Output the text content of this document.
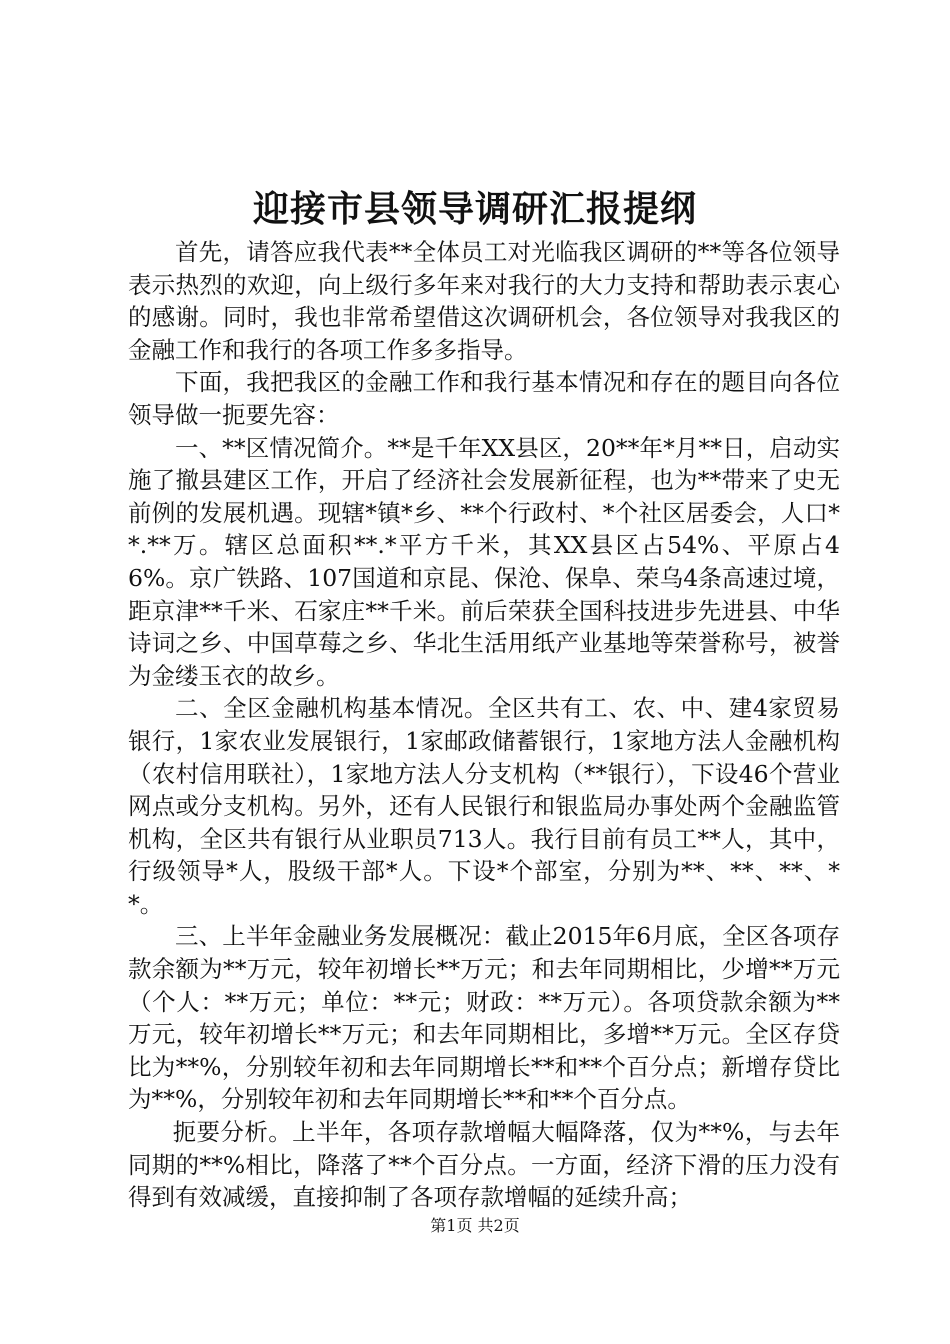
迎接市县领导调研汇报提纲

首先，请答应我代表**全体员工对光临我区调研的**等各位领导表示热烈的欢迎，向上级行多年来对我行的大力支持和帮助表示衷心的感谢。同时，我也非常希望借这次调研机会，各位领导对我我区的金融工作和我行的各项工作多多指导。

下面，我把我区的金融工作和我行基本情况和存在的题目向各位领导做一扼要先容：

一、**区情况简介。**是千年XX县区，20**年*月**日，启动实施了撤县建区工作，开启了经济社会发展新征程，也为**带来了史无前例的发展机遇。现辖*镇*乡、**个行政村、*个社区居委会，人口**.**万。辖区总面积**.*平方千米，其XX县区占54%、平原占46%。京广铁路、107国道和京昆、保沧、保阜、荣乌4条高速过境，距京津**千米、石家庄**千米。前后荣获全国科技进步先进县、中华诗词之乡、中国草莓之乡、华北生活用纸产业基地等荣誉称号，被誉为金缕玉衣的故乡。

二、全区金融机构基本情况。全区共有工、农、中、建4家贸易银行，1家农业发展银行，1家邮政储蓄银行，1家地方法人金融机构（农村信用联社），1家地方法人分支机构（**银行），下设46个营业网点或分支机构。另外，还有人民银行和银监局办事处两个金融监管机构，全区共有银行从业职员713人。我行目前有员工**人，其中，行级领导*人，股级干部*人。下设*个部室，分别为**、**、**、**。

三、上半年金融业务发展概况：截止2015年6月底，全区各项存款余额为**万元，较年初增长**万元；和去年同期相比，少增**万元（个人：**万元；单位：**元；财政：**万元）。各项贷款余额为**万元，较年初增长**万元；和去年同期相比，多增**万元。全区存贷比为**%，分别较年初和去年同期增长**和**个百分点；新增存贷比为**%，分别较年初和去年同期增长**和**个百分点。

扼要分析。上半年，各项存款增幅大幅降落，仅为**%，与去年同期的**%相比，降落了**个百分点。一方面，经济下滑的压力没有得到有效减缓，直接抑制了各项存款增幅的延续升高；

第1页 共2页
